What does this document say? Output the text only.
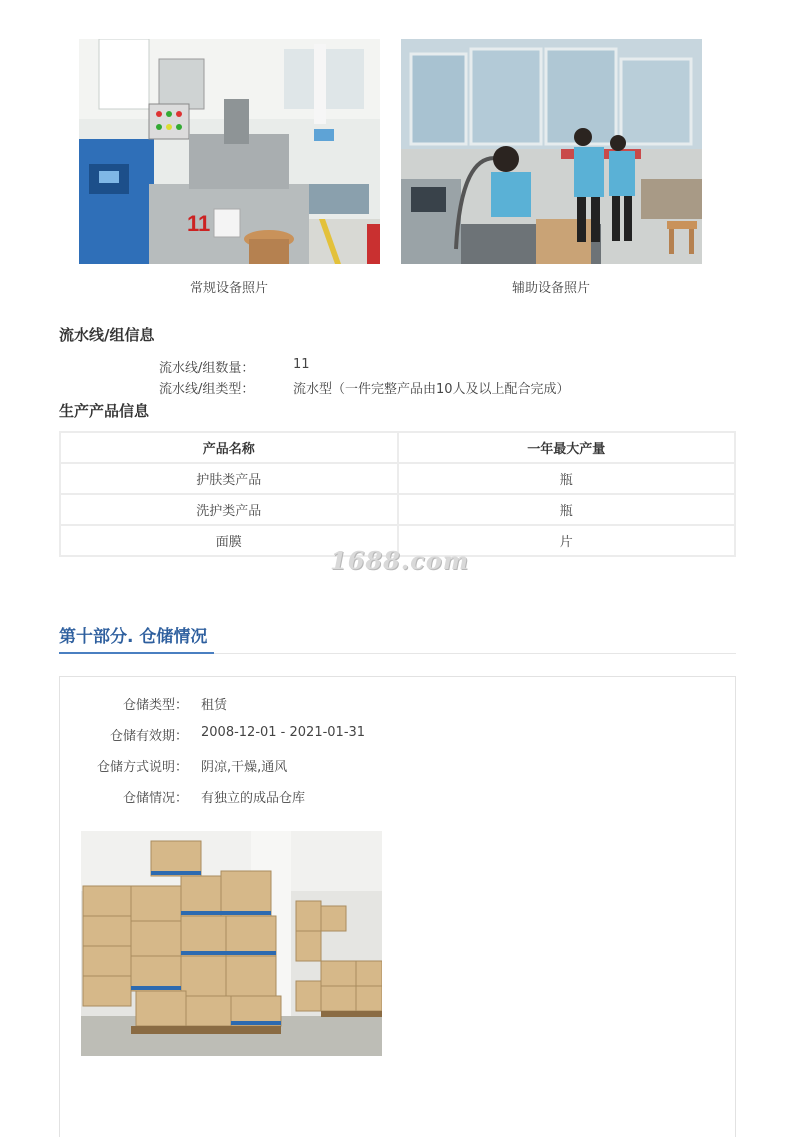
11
常规设备照片	辅助设备照片
流水线/组信息
流水线/组数量：	11
流水线/组类型：	流水型（一件完整产品由10人及以上配合完成）
生产产品信息
产品名称	一年最大产量
护肤类产品	瓶
洗护类产品	瓶
面膜	片
1688.com
第十部分. 仓储情况
仓储类型： 租赁
仓储有效期： 2008-12-01 - 2021-01-31
仓储方式说明： 阴凉,干燥,通风
仓储情况： 有独立的成品仓库
